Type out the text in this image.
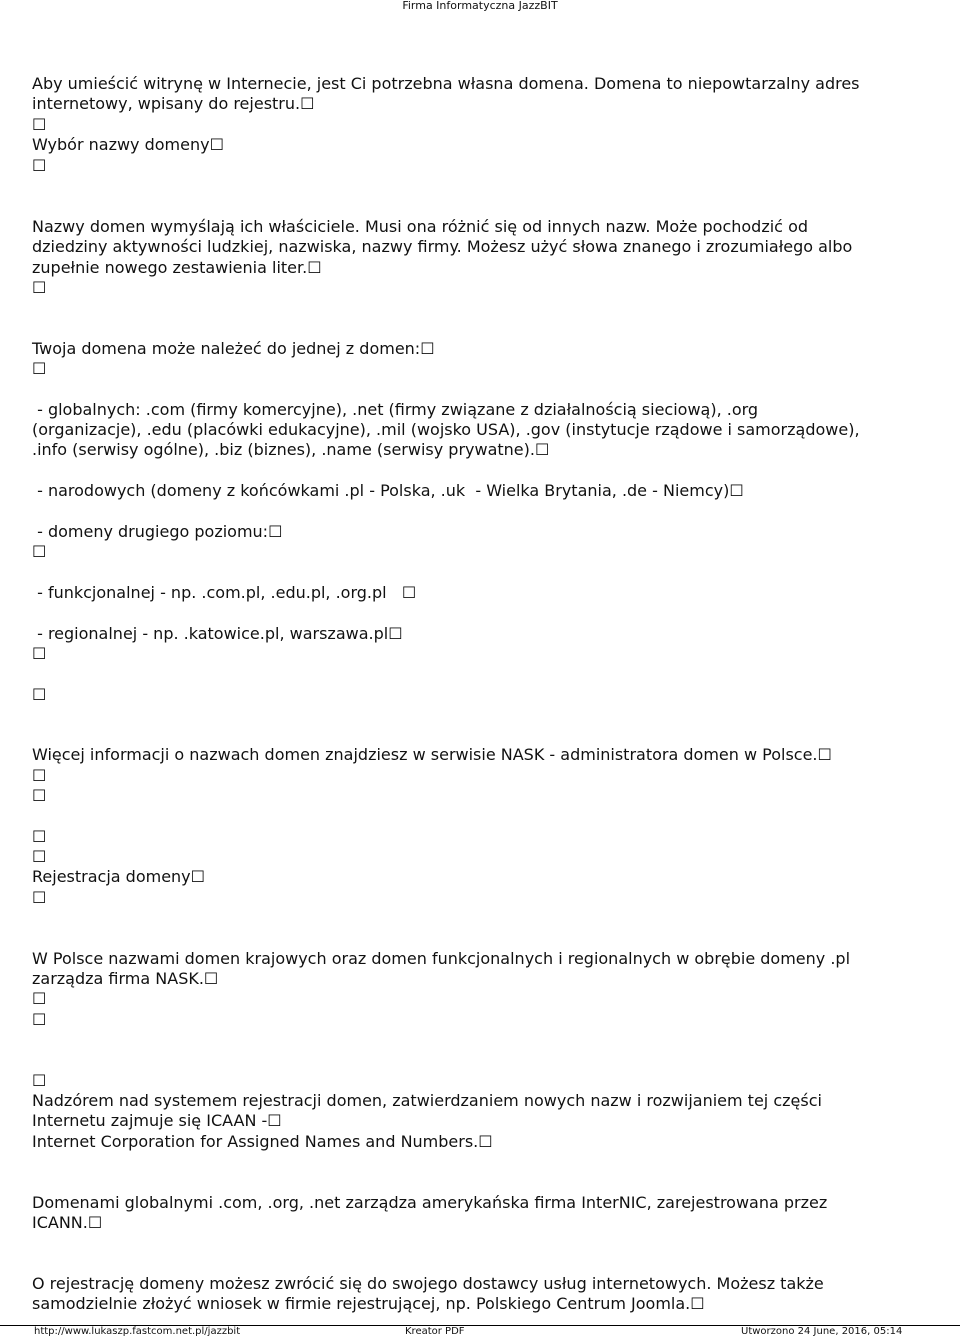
Firma Informatyczna JazzBIT
Aby umieścić witrynę w Internecie, jest Ci potrzebna własna domena. Domena to niepowtarzalny adres
internetowy, wpisany do rejestru.☐
☐
Wybór nazwy domeny☐
☐
Nazwy domen wymyślają ich właściciele. Musi ona różnić się od innych nazw. Może pochodzić od
dziedziny aktywności ludzkiej, nazwiska, nazwy firmy. Możesz użyć słowa znanego i zrozumiałego albo
zupełnie nowego zestawienia liter.☐
☐
Twoja domena może należeć do jednej z domen:☐
☐
- globalnych: .com (firmy komercyjne), .net (firmy związane z działalnością sieciową), .org
(organizacje), .edu (placówki edukacyjne), .mil (wojsko USA), .gov (instytucje rządowe i samorządowe),
.info (serwisy ogólne), .biz (biznes), .name (serwisy prywatne).☐
- narodowych (domeny z końcówkami .pl - Polska, .uk  - Wielka Brytania, .de - Niemcy)☐
- domeny drugiego poziomu:☐
☐
- funkcjonalnej - np. .com.pl, .edu.pl, .org.pl   ☐
- regionalnej - np. .katowice.pl, warszawa.pl☐
☐
☐
Więcej informacji o nazwach domen znajdziesz w serwisie NASK - administratora domen w Polsce.☐
☐
☐
☐
☐
Rejestracja domeny☐
☐
W Polsce nazwami domen krajowych oraz domen funkcjonalnych i regionalnych w obrębie domeny .pl
zarządza firma NASK.☐
☐
☐
☐
Nadzórem nad systemem rejestracji domen, zatwierdzaniem nowych nazw i rozwijaniem tej części
Internetu zajmuje się ICAAN -☐
Internet Corporation for Assigned Names and Numbers.☐
Domenami globalnymi .com, .org, .net zarządza amerykańska firma InterNIC, zarejestrowana przez
ICANN.☐
O rejestrację domeny możesz zwrócić się do swojego dostawcy usług internetowych. Możesz także
samodzielnie złożyć wniosek w firmie rejestrującej, np. Polskiego Centrum Joomla.☐
http://www.lukaszp.fastcom.net.pl/jazzbit	Kreator PDF	Utworzono 24 June, 2016, 05:14
